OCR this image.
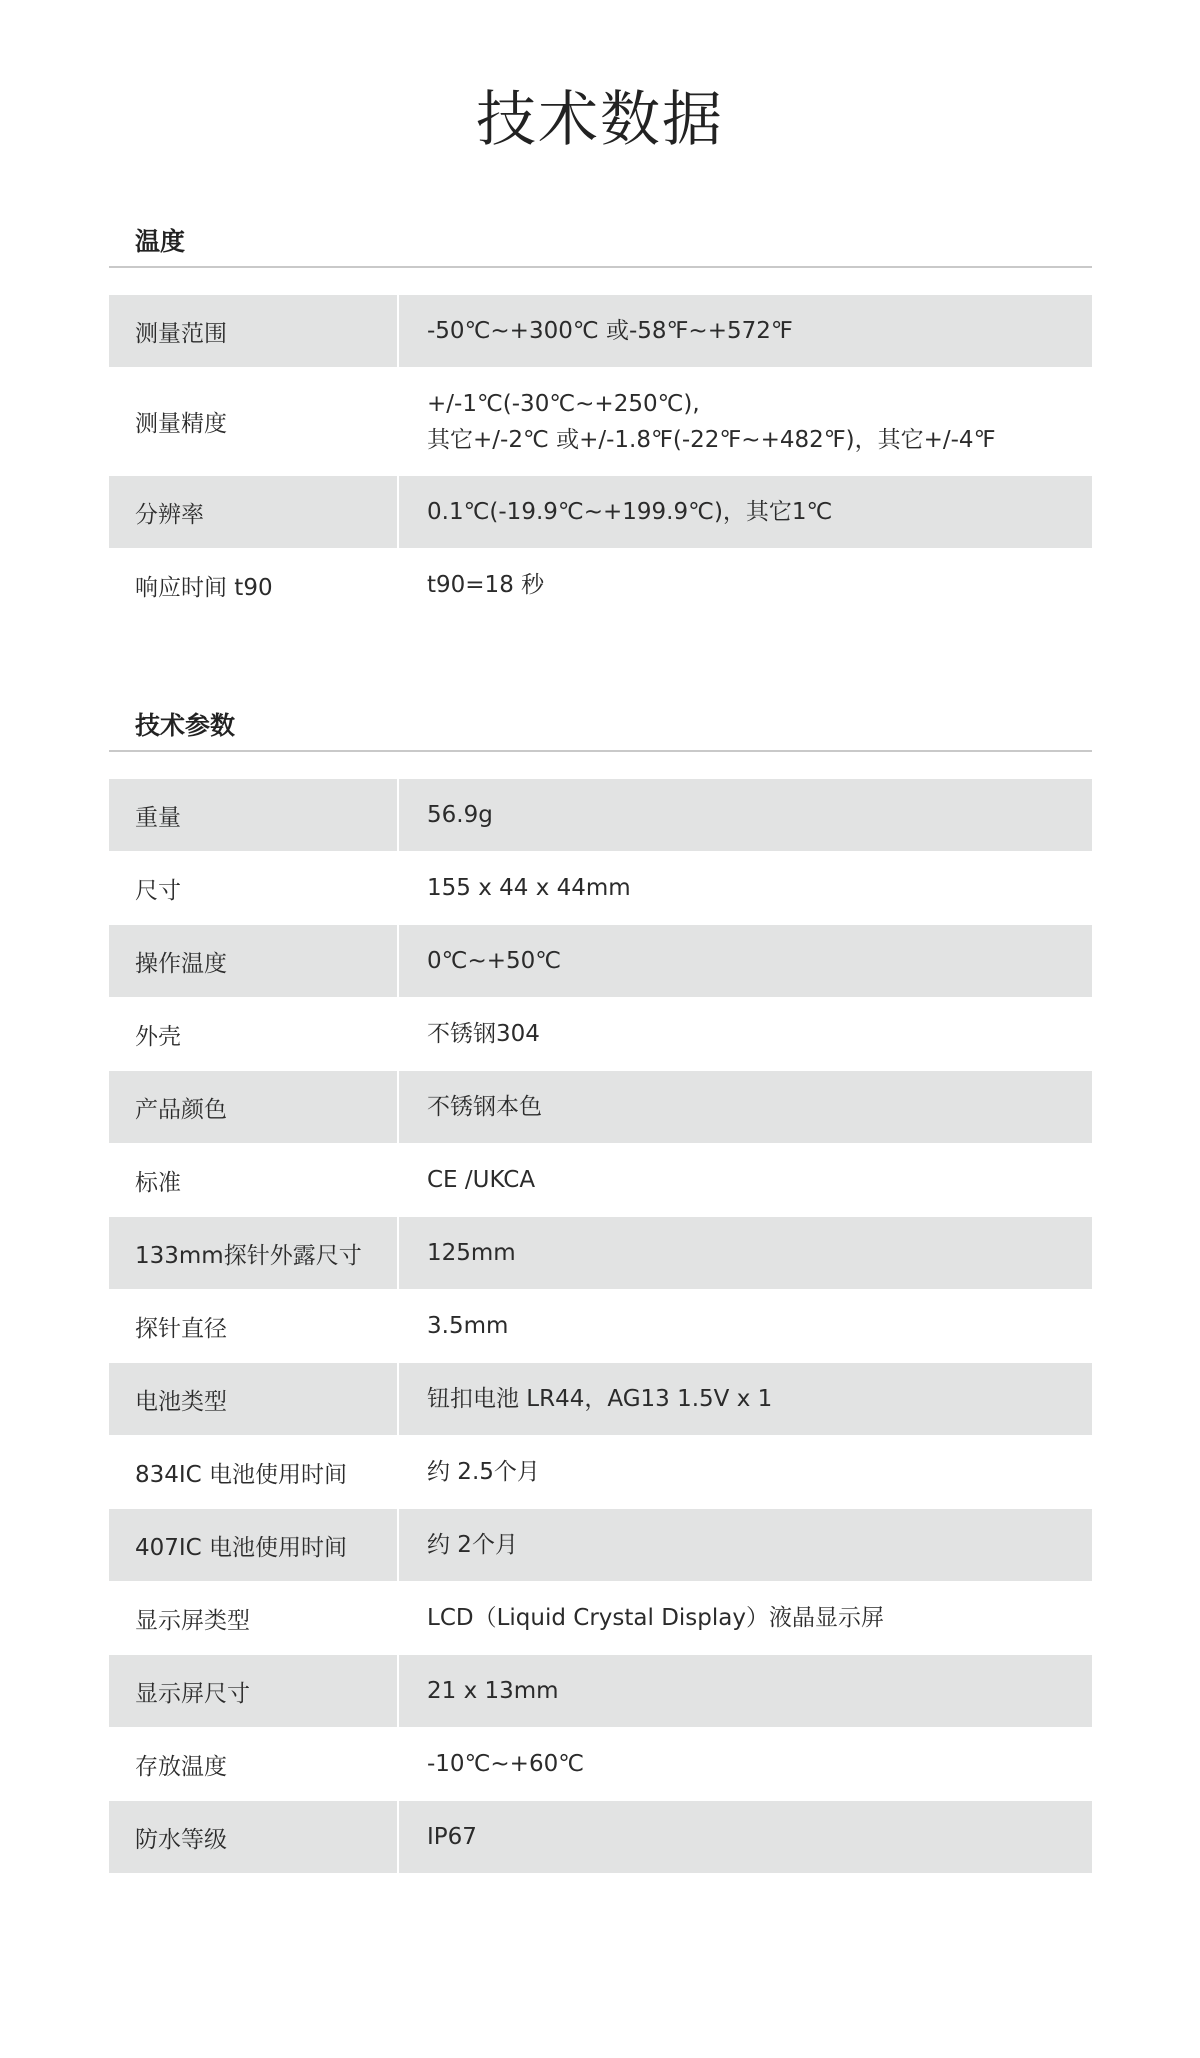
技术数据
温度
测量范围	-50℃~+300℃ 或-58℉~+572℉
测量精度
+/-1℃(-30℃~+250℃),
其它+/-2℃ 或+/-1.8℉(-22℉~+482℉)，其它+/-4℉
分辨率	0.1℃(-19.9℃~+199.9℃)，其它1℃
响应时间 t90	t90=18 秒
技术参数
重量	56.9g
尺寸	155 x 44 x 44mm
操作温度	0℃~+50℃
外壳	不锈钢304
产品颜色	不锈钢本色
标准	CE /UKCA
133mm探针外露尺寸	125mm
探针直径	3.5mm
电池类型	钮扣电池 LR44，AG13 1.5V x 1
834IC 电池使用时间	约 2.5个月
407IC 电池使用时间	约 2个月
显示屏类型	LCD（Liquid Crystal Display）液晶显示屏
显示屏尺寸	21 x 13mm
存放温度	-10℃~+60℃
防水等级	IP67
